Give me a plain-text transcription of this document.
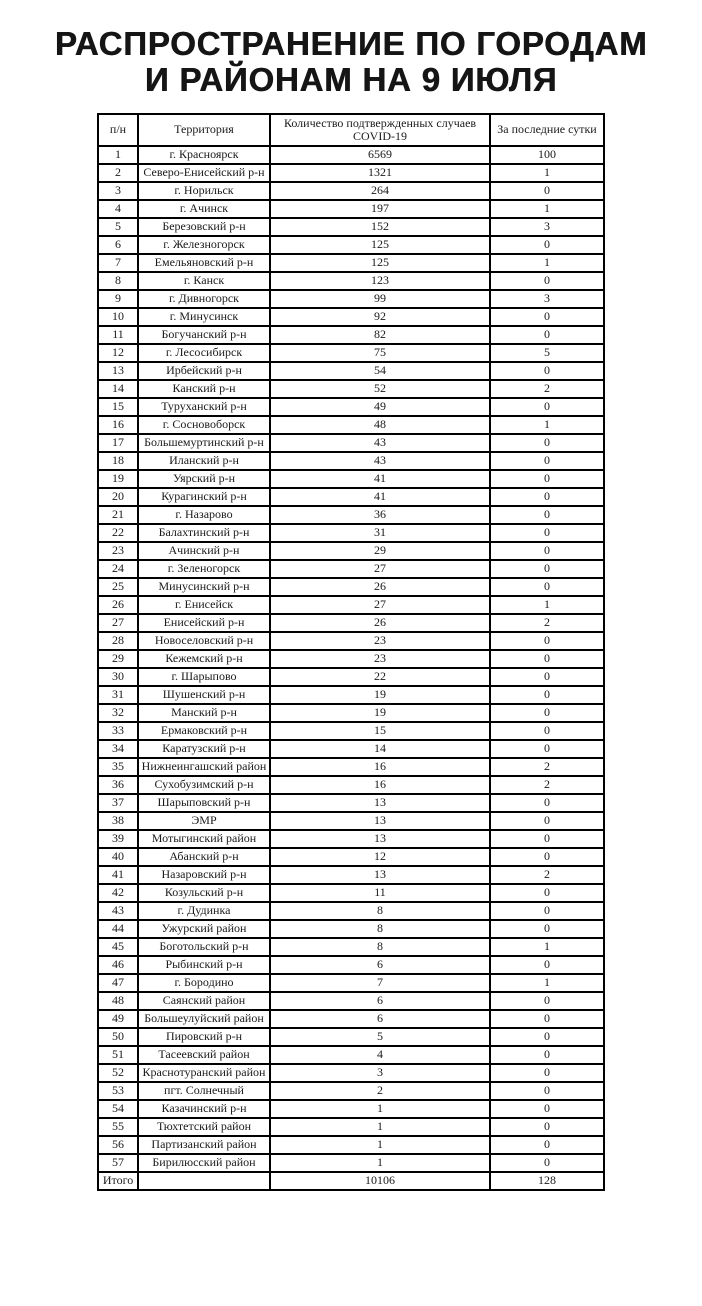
РАСПРОСТРАНЕНИЕ ПО ГОРОДАМ
И РАЙОНАМ НА 9 ИЮЛЯ
п/н	Территория	Количество подтвержденных случаев COVID-19	За последние сутки
1	г. Красноярск	6569	100
2	Северо-Енисейский р-н	1321	1
3	г. Норильск	264	0
4	г. Ачинск	197	1
5	Березовский р-н	152	3
6	г. Железногорск	125	0
7	Емельяновский р-н	125	1
8	г. Канск	123	0
9	г. Дивногорск	99	3
10	г. Минусинск	92	0
11	Богучанский р-н	82	0
12	г. Лесосибирск	75	5
13	Ирбейский р-н	54	0
14	Канский р-н	52	2
15	Туруханский р-н	49	0
16	г. Сосновоборск	48	1
17	Большемуртинский р-н	43	0
18	Иланский р-н	43	0
19	Уярский р-н	41	0
20	Курагинский р-н	41	0
21	г. Назарово	36	0
22	Балахтинский р-н	31	0
23	Ачинский р-н	29	0
24	г. Зеленогорск	27	0
25	Минусинский р-н	26	0
26	г. Енисейск	27	1
27	Енисейский р-н	26	2
28	Новоселовский р-н	23	0
29	Кежемский р-н	23	0
30	г. Шарыпово	22	0
31	Шушенский р-н	19	0
32	Манский р-н	19	0
33	Ермаковский р-н	15	0
34	Каратузский р-н	14	0
35	Нижнеингашский район	16	2
36	Сухобузимский р-н	16	2
37	Шарыповский р-н	13	0
38	ЭМР	13	0
39	Мотыгинский район	13	0
40	Абанский р-н	12	0
41	Назаровский р-н	13	2
42	Козульский р-н	11	0
43	г. Дудинка	8	0
44	Ужурский район	8	0
45	Боготольский р-н	8	1
46	Рыбинский р-н	6	0
47	г. Бородино	7	1
48	Саянский район	6	0
49	Большеулуйский район	6	0
50	Пировский р-н	5	0
51	Тасеевский район	4	0
52	Краснотуранский район	3	0
53	пгт. Солнечный	2	0
54	Казачинский р-н	1	0
55	Тюхтетский район	1	0
56	Партизанский район	1	0
57	Бирилюсский район	1	0
Итого		10106	128
